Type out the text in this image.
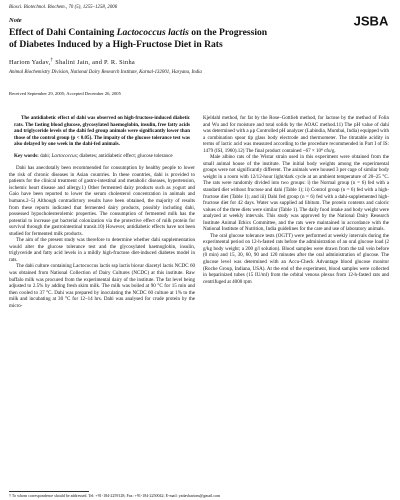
Biosci. Biotechnol. Biochem., 70 (5), 1255–1258, 2006
JSBA
Note
Effect of Dahi Containing Lactococcus lactis on the Progression
of Diabetes Induced by a High-Fructose Diet in Rats
Hariom Yadav,† Shalini Jain, and P. R. Sinha
Animal Biochemistry Division, National Dairy Research Institute, Karnal-132001, Haryana, India
Received September 29, 2005; Accepted December 26, 2005

The antidiabetic effect of dahi was observed on high-fructose-induced diabetic rats. The fasting blood glucose, glycosylated haemoglobin, insulin, free fatty acids and triglyceride levels of the dahi fed group animals were significantly lower than those of the control group (p < 0.05). The impaity of the glucose tolerance test was also delayed by one week in the dahi-fed animals.

Key words: dahi; Lactococcus; diabetes; antidiabetic effect; glucose tolerance

Dahi has anecdotally been recommended for consumption by healthy people to lower the risk of chronic diseases in Asian countries. In these countries, dahi is provided to patients for the clinical treatment of gastro-intestinal and metabolic diseases, hypertension, ischemic heart disease and allergy.1) Other fermented dairy products such as yogurt and Gaio have been reported to lower the serum cholesterol concentration in animals and humans.2–5) Although contradictory results have been obtained, the majority of results from these reports indicated that fermented dairy products, possibly including dahi, possessed hypocholesterolemic properties. The consumption of fermented milk has the potential to increase gut bacterial colonization via the protective effect of milk protein for survival through the gastrointestinal transit.10) However, antidiabetic effects have not been studied for fermented milk products.

The aim of the present study was therefore to determine whether dahi supplementation would alter the glucose tolerance test and the glycosylated haemoglobin, insulin, triglyceride and fatty acid levels in a mildly high-fructose diet-induced diabetes model in rats.

The dahi culture containing Lactococcus lactis ssp lactis biovar diacetyl lactis NCDC 60 was obtained from National Collection of Dairy Cultures (NCDC) at this institute. Raw buffalo milk was procured from the experimental dairy of the institute. The fat level being adjusted to 2.5% by adding fresh skim milk. The milk was boiled at 90 °C for 15 min and then cooled to 37 °C. Dahi was prepared by inoculating the NCDC 60 culture at 1% to the milk and incubating at 30 °C for 12–14 hrs. Dahi was analysed for crude protein by the micro-

Kjeldahl method, for fat by the Rose–Gottlieb method, for lactose by the method of Folin and Wu and for moisture and total solids by the AOAC method.11) The pH value of dahi was determined with a μp Controlled pH analyzer (Labindia, Mumbai, India) equipped with a combination spear tip glass body electrode and thermometer. The titratable acidity in terms of lactic acid was measured according to the procedure recommended in Part I of IS: 1479 (ISI, 1960).12) The final product contained ~67 × 10⁸ cfu/g.

Male albino rats of the Wistar strain used in this experiment were obtained from the small animal house of the institute. The initial body weights among the experimental groups were not significantly different. The animals were housed 3 per cage of similar body weight in a room with 12/12-hour light/dark cycle at an ambient temperature of 20–25 °C. The rats were randomly divided into two groups: i) the Normal group (n = 6) fed with a standard diet without fructose and dahi (Table 1); ii) Control group (n = 6) fed with a high-fructose diet (Table 1); and iii) Dahi fed group (n = 6) fed with a dahi-supplemented high-fructose diet for 42 days. Water was supplied ad libitum. The protein contents and caloric values of the three diets were similar (Table 1). The daily food intake and body weight were analyzed at weekly intervals. This study was approved by the National Dairy Research Institute Animal Ethics Committee, and the rats were maintained in accordance with the National Institute of Nutrition, India guidelines for the care and use of laboratory animals.

The oral glucose tolerance tests (OGTT) were performed at weekly intervals during the experimental period on 12-h-fasted rats before the administration of an oral glucose load (2 g/kg body weight; a 200 g/l solution). Blood samples were drawn from the tail vein before (0 min) and 15, 30, 60, 90 and 120 minutes after the oral administration of glucose. The glucose level was determined with an Accu-Check Advantage blood glucose monitor (Roche Group, Indiana, USA). At the end of the experiment, blood samples were collected in heparinized tubes (15 IU/ml) from the orbital venous plexus from 12-h-fasted rats and centrifuged at 4000 rpm

† To whom correspondence should be addressed. Tel: +91-184-2259128; Fax: +91-184-2250042; E-mail: yadavhariom@gmail.com
